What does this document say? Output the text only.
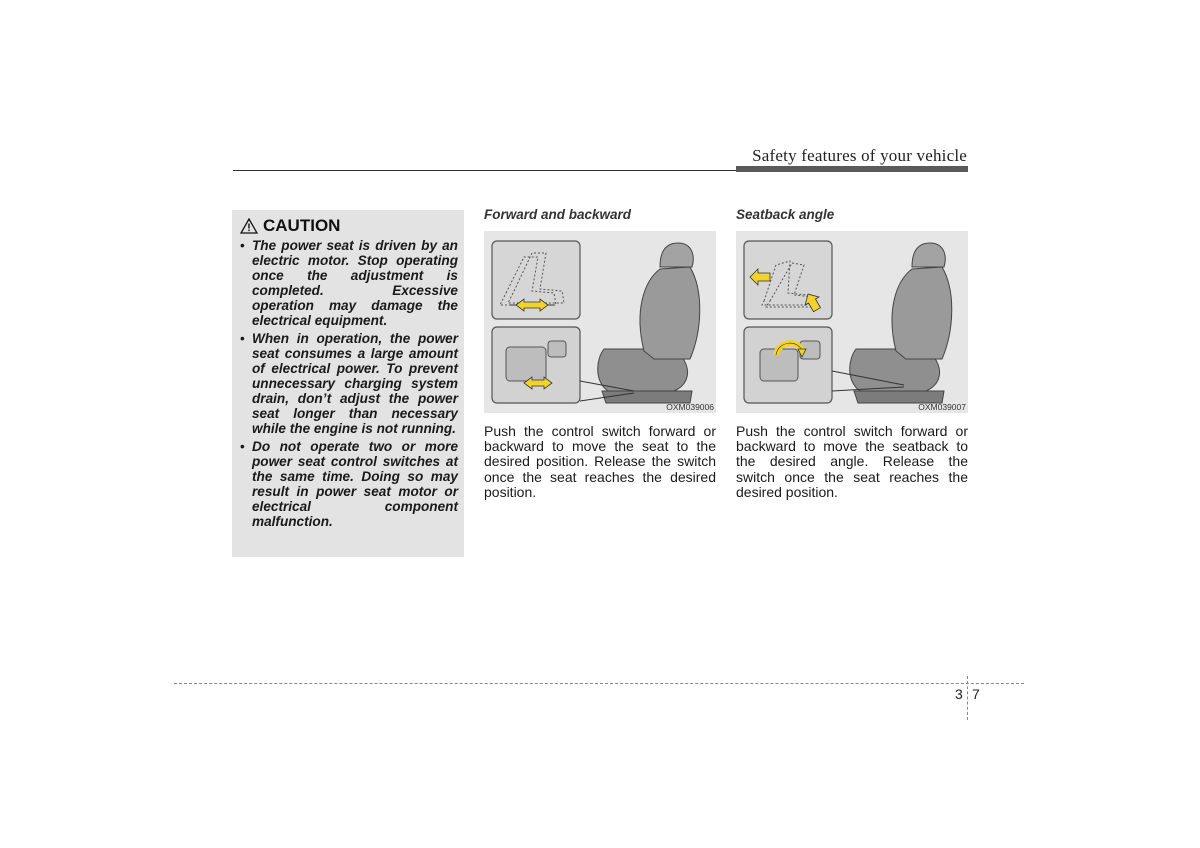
Safety features of your vehicle
CAUTION
• The power seat is driven by an electric motor. Stop operating once the adjustment is completed. Excessive operation may damage the electrical equipment.
• When in operation, the power seat consumes a large amount of electrical power. To prevent unnecessary charging system drain, don’t adjust the power seat longer than necessary while the engine is not running.
• Do not operate two or more power seat control switches at the same time. Doing so may result in power seat motor or electrical component malfunction.
Forward and backward
OXM039006
Push the control switch forward or backward to move the seat to the desired position. Release the switch once the seat reaches the desired position.
Seatback angle
OXM039007
Push the control switch forward or backward to move the seatback to the desired angle. Release the switch once the seat reaches the desired position.
3 7
